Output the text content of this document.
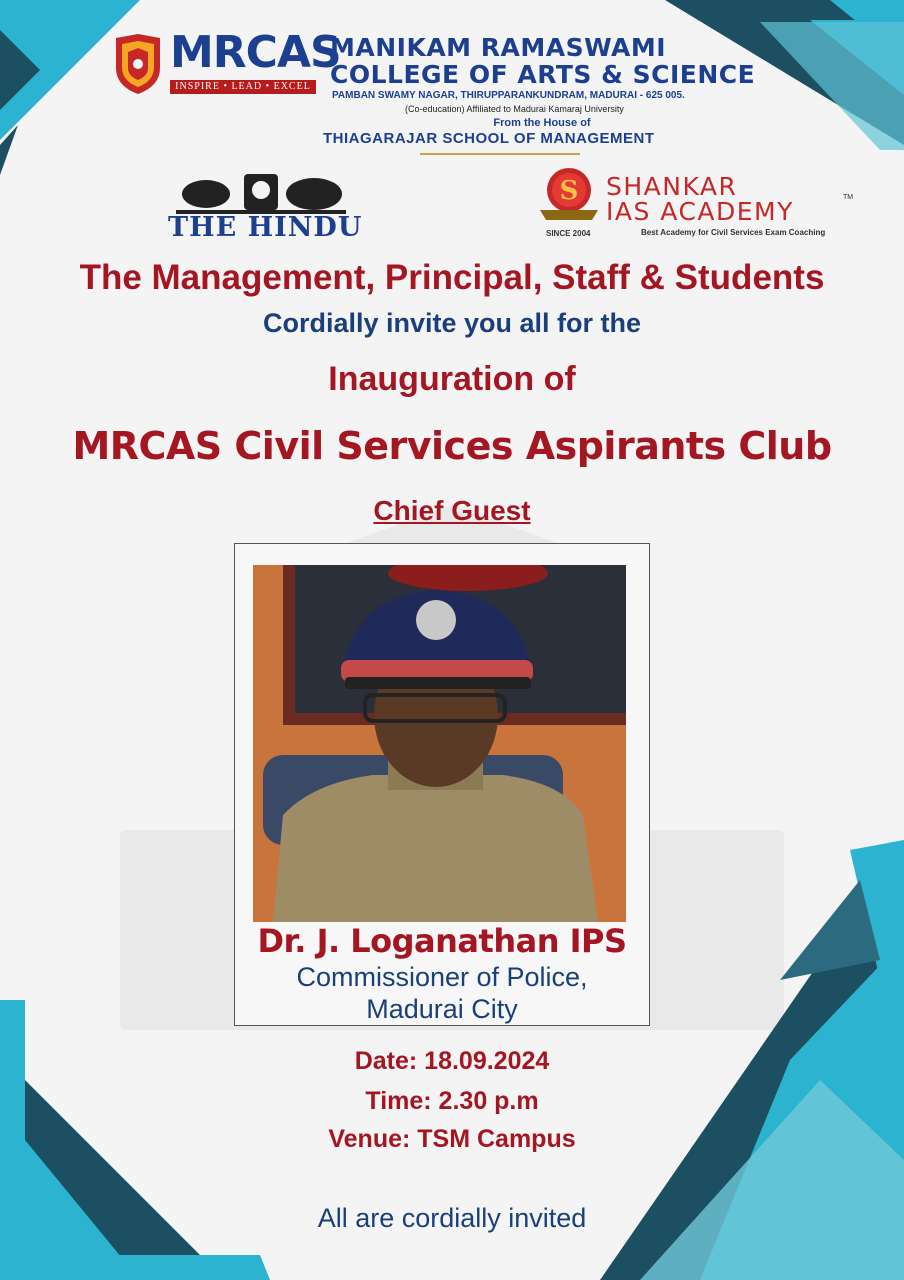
MRCAS
INSPIRE • LEAD • EXCEL
MANIKAM RAMASWAMI
COLLEGE OF ARTS & SCIENCE
PAMBAN SWAMY NAGAR, THIRUPPARANKUNDRAM, MADURAI - 625 005.
(Co-education) Affiliated to Madurai Kamaraj University
From the House of
THIAGARAJAR SCHOOL OF MANAGEMENT
THE HINDU
S
SINCE 2004
SHANKAR
IAS ACADEMY	TM
Best Academy for Civil Services Exam Coaching
The Management, Principal, Staff & Students
Cordially invite you all for the
Inauguration of
MRCAS Civil Services Aspirants Club
Chief Guest
Dr. J. Loganathan IPS
Commissioner of Police,
Madurai City
Date: 18.09.2024
Time: 2.30 p.m
Venue: TSM Campus
All are cordially invited
